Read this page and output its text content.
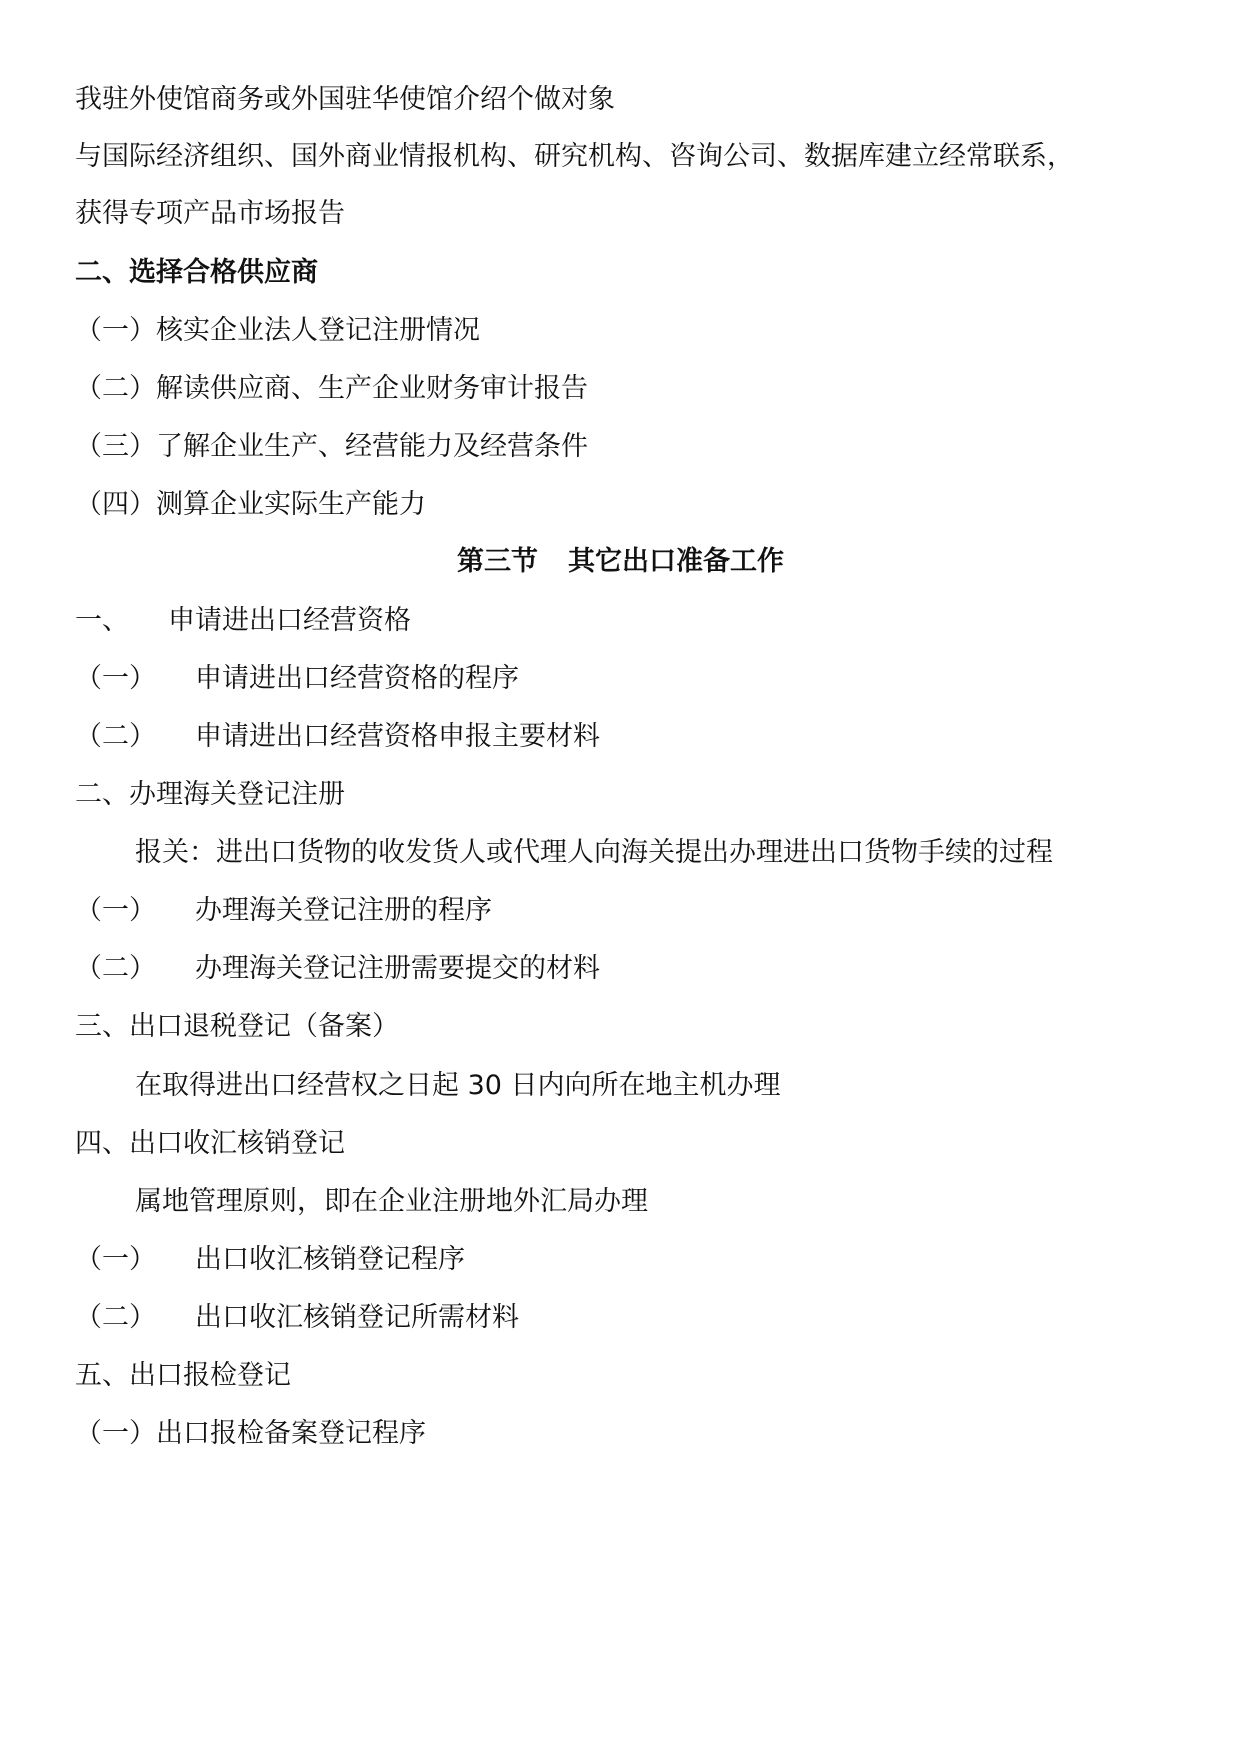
我驻外使馆商务或外国驻华使馆介绍个做对象
与国际经济组织、国外商业情报机构、研究机构、咨询公司、数据库建立经常联系，
获得专项产品市场报告
二、选择合格供应商
（一）核实企业法人登记注册情况
（二）解读供应商、生产企业财务审计报告
（三）了解企业生产、经营能力及经营条件
（四）测算企业实际生产能力
第三节 其它出口准备工作
一、 申请进出口经营资格
（一） 申请进出口经营资格的程序
（二） 申请进出口经营资格申报主要材料
二、办理海关登记注册
报关：进出口货物的收发货人或代理人向海关提出办理进出口货物手续的过程
（一） 办理海关登记注册的程序
（二） 办理海关登记注册需要提交的材料
三、出口退税登记（备案）
在取得进出口经营权之日起 30 日内向所在地主机办理
四、出口收汇核销登记
属地管理原则，即在企业注册地外汇局办理
（一） 出口收汇核销登记程序
（二） 出口收汇核销登记所需材料
五、出口报检登记
（一）出口报检备案登记程序
